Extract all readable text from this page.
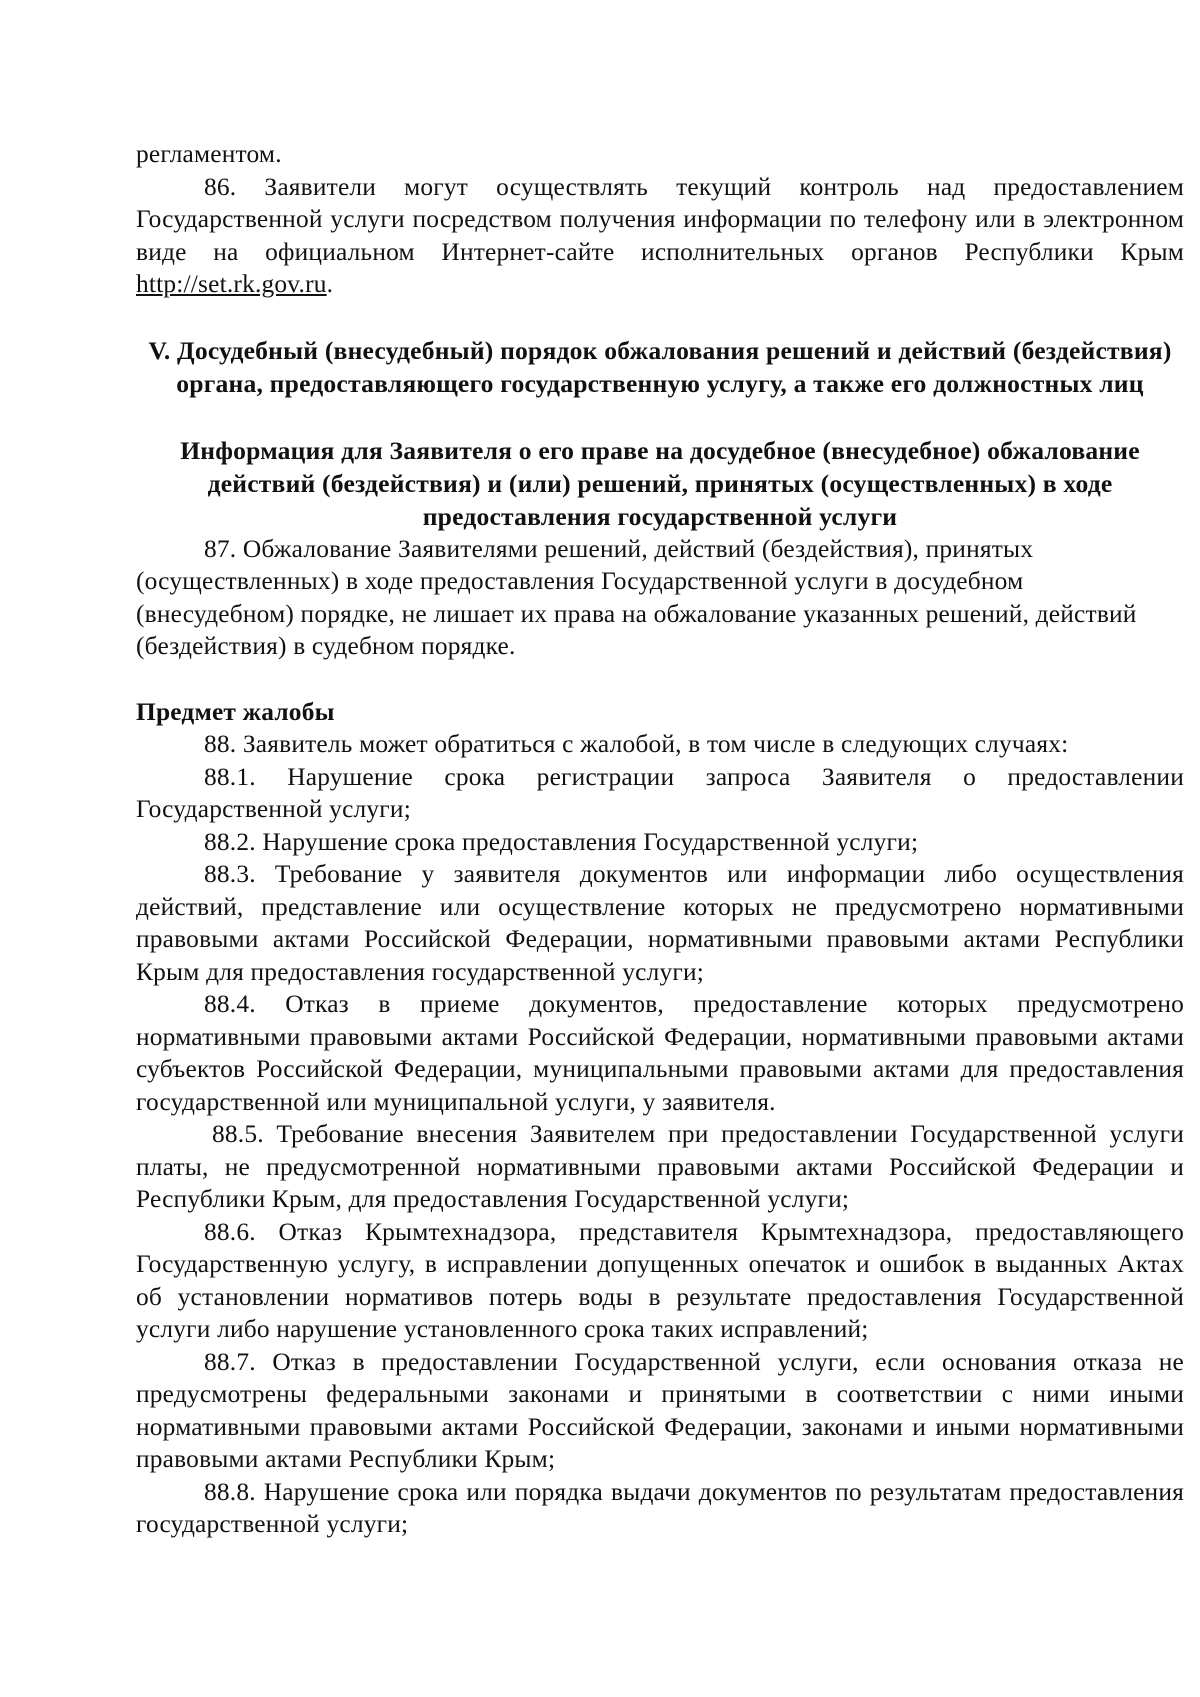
регламентом.

86. Заявители могут осуществлять текущий контроль над предоставлением Государственной услуги посредством получения информации по телефону или в электронном виде на официальном Интернет-сайте исполнительных органов Республики Крым http://set.rk.gov.ru.

V. Досудебный (внесудебный) порядок обжалования решений и действий (бездействия) органа, предоставляющего государственную услугу, а также его должностных лиц

Информация для Заявителя о его праве на досудебное (внесудебное) обжалование действий (бездействия) и (или) решений, принятых (осуществленных) в ходе предоставления государственной услуги

87. Обжалование Заявителями решений, действий (бездействия), принятых (осуществленных) в ходе предоставления Государственной услуги в досудебном (внесудебном) порядке, не лишает их права на обжалование указанных решений, действий (бездействия) в судебном порядке.

Предмет жалобы

88. Заявитель может обратиться с жалобой, в том числе в следующих случаях:

88.1. Нарушение срока регистрации запроса Заявителя о предоставлении Государственной услуги;

88.2. Нарушение срока предоставления Государственной услуги;

88.3. Требование у заявителя документов или информации либо осуществления действий, представление или осуществление которых не предусмотрено нормативными правовыми актами Российской Федерации, нормативными правовыми актами Республики Крым для предоставления государственной услуги;

88.4. Отказ в приеме документов, предоставление которых предусмотрено нормативными правовыми актами Российской Федерации, нормативными правовыми актами субъектов Российской Федерации, муниципальными правовыми актами для предоставления государственной или муниципальной услуги, у заявителя.

88.5. Требование внесения Заявителем при предоставлении Государственной услуги платы, не предусмотренной нормативными правовыми актами Российской Федерации и Республики Крым, для предоставления Государственной услуги;

88.6. Отказ Крымтехнадзора, представителя Крымтехнадзора, предоставляющего Государственную услугу, в исправлении допущенных опечаток и ошибок в выданных Актах об установлении нормативов потерь воды в результате предоставления Государственной услуги либо нарушение установленного срока таких исправлений;

88.7. Отказ в предоставлении Государственной услуги, если основания отказа не предусмотрены федеральными законами и принятыми в соответствии с ними иными нормативными правовыми актами Российской Федерации, законами и иными нормативными правовыми актами Республики Крым;

88.8. Нарушение срока или порядка выдачи документов по результатам предоставления государственной услуги;
